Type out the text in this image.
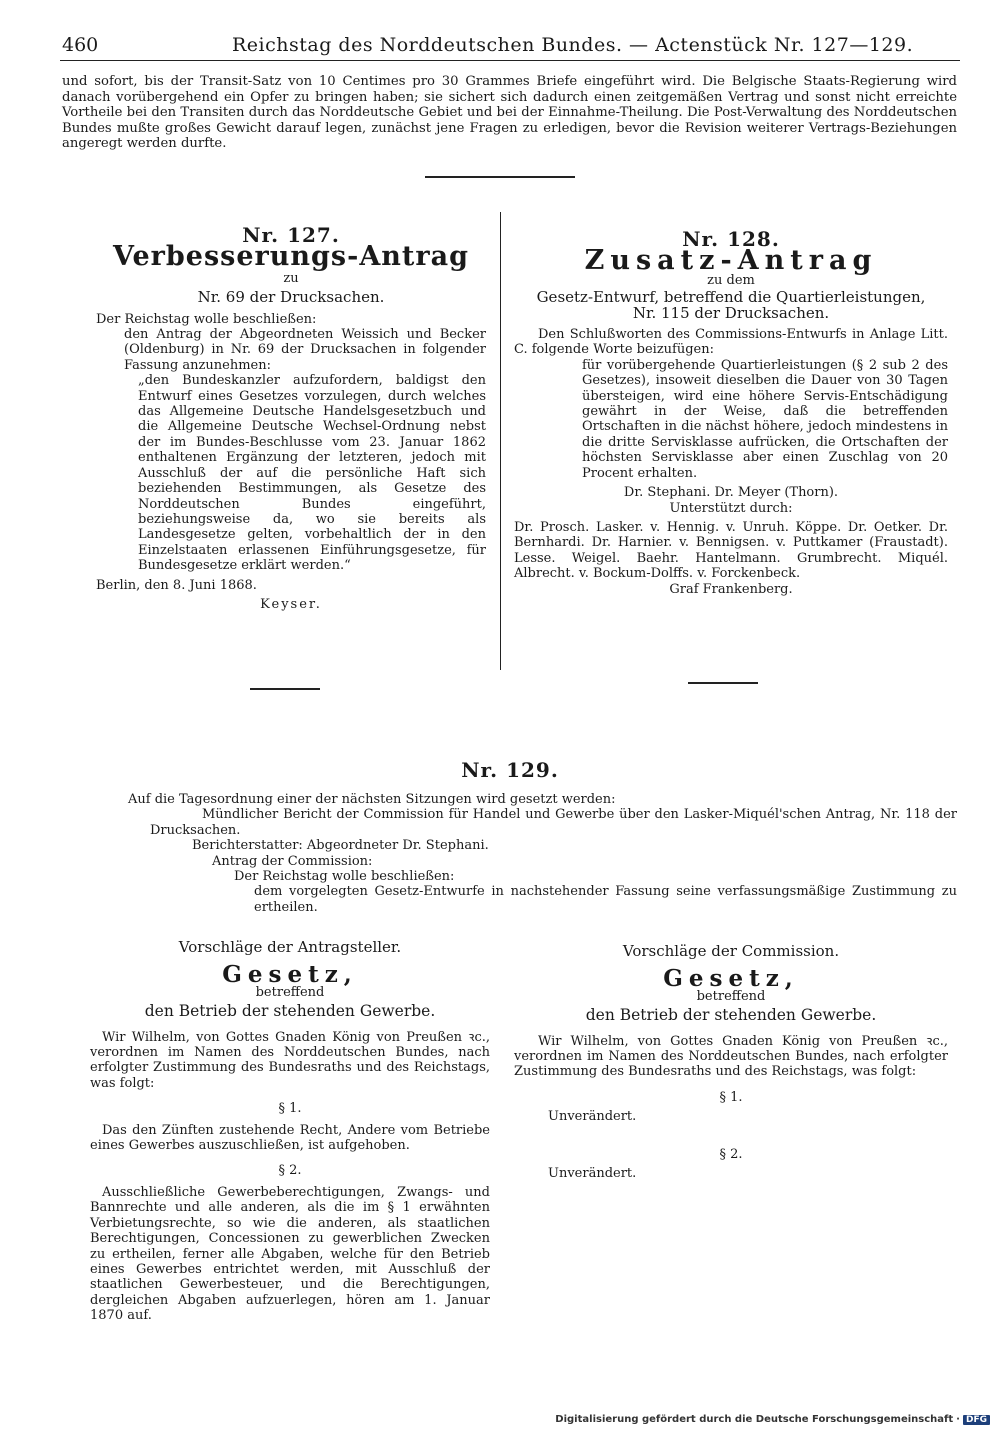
460	Reichstag des Norddeutschen Bundes. — Actenstück Nr. 127—129.

und sofort, bis der Transit-Satz von 10 Centimes pro 30 Grammes Briefe eingeführt wird. Die Belgische Staats-Regierung wird danach vorübergehend ein Opfer zu bringen haben; sie sichert sich dadurch einen zeitgemäßen Vertrag und sonst nicht erreichte Vortheile bei den Transiten durch das Norddeutsche Gebiet und bei der Einnahme-Theilung. Die Post-Verwaltung des Norddeutschen Bundes mußte großes Gewicht darauf legen, zunächst jene Fragen zu erledigen, bevor die Revision weiterer Vertrags-Beziehungen angeregt werden durfte.

Nr. 127.
Verbesserungs-Antrag
zu
Nr. 69 der Drucksachen.

Der Reichstag wolle beschließen:

den Antrag der Abgeordneten Weissich und Becker (Oldenburg) in Nr. 69 der Drucksachen in folgender Fassung anzunehmen:

„den Bundeskanzler aufzufordern, baldigst den Entwurf eines Gesetzes vorzulegen, durch welches das Allgemeine Deutsche Handelsgesetzbuch und die Allgemeine Deutsche Wechsel-Ordnung nebst der im Bundes-Beschlusse vom 23. Januar 1862 enthaltenen Ergänzung der letzteren, jedoch mit Ausschluß der auf die persönliche Haft sich beziehenden Bestimmungen, als Gesetze des Norddeutschen Bundes eingeführt, beziehungsweise da, wo sie bereits als Landesgesetze gelten, vorbehaltlich der in den Einzelstaaten erlassenen Einführungsgesetze, für Bundesgesetze erklärt werden.“

Berlin, den 8. Juni 1868.

Keyser.

Nr. 128.
Zusatz-Antrag
zu dem
Gesetz-Entwurf, betreffend die Quartierleistungen,
Nr. 115 der Drucksachen.

Den Schlußworten des Commissions-Entwurfs in Anlage Litt. C. folgende Worte beizufügen:

für vorübergehende Quartierleistungen (§ 2 sub 2 des Gesetzes), insoweit dieselben die Dauer von 30 Tagen übersteigen, wird eine höhere Servis-Entschädigung gewährt in der Weise, daß die betreffenden Ortschaften in die nächst höhere, jedoch mindestens in die dritte Servisklasse aufrücken, die Ortschaften der höchsten Servisklasse aber einen Zuschlag von 20 Procent erhalten.

Dr. Stephani. Dr. Meyer (Thorn).

Unterstützt durch:

Dr. Prosch. Lasker. v. Hennig. v. Unruh. Köppe. Dr. Oetker. Dr. Bernhardi. Dr. Harnier. v. Bennigsen. v. Puttkamer (Fraustadt). Lesse. Weigel. Baehr. Hantelmann. Grumbrecht. Miquél. Albrecht. v. Bockum-Dolffs. v. Forckenbeck.

Graf Frankenberg.

Nr. 129.

Auf die Tagesordnung einer der nächsten Sitzungen wird gesetzt werden:

Mündlicher Bericht der Commission für Handel und Gewerbe über den Lasker-Miquél'schen Antrag, Nr. 118 der Drucksachen.

Berichterstatter: Abgeordneter Dr. Stephani.

Antrag der Commission:

Der Reichstag wolle beschließen:

dem vorgelegten Gesetz-Entwurfe in nachstehender Fassung seine verfassungsmäßige Zustimmung zu ertheilen.

Vorschläge der Antragsteller.
Gesetz,
betreffend
den Betrieb der stehenden Gewerbe.

Wir Wilhelm, von Gottes Gnaden König von Preußen ꝛc., verordnen im Namen des Norddeutschen Bundes, nach erfolgter Zustimmung des Bundesraths und des Reichstags, was folgt:

§ 1.

Das den Zünften zustehende Recht, Andere vom Betriebe eines Gewerbes auszuschließen, ist aufgehoben.

§ 2.

Ausschließliche Gewerbeberechtigungen, Zwangs- und Bannrechte und alle anderen, als die im § 1 erwähnten Verbietungsrechte, so wie die anderen, als staatlichen Berechtigungen, Concessionen zu gewerblichen Zwecken zu ertheilen, ferner alle Abgaben, welche für den Betrieb eines Gewerbes entrichtet werden, mit Ausschluß der staatlichen Gewerbesteuer, und die Berechtigungen, dergleichen Abgaben aufzuerlegen, hören am 1. Januar 1870 auf.

Vorschläge der Commission.
Gesetz,
betreffend
den Betrieb der stehenden Gewerbe.

Wir Wilhelm, von Gottes Gnaden König von Preußen ꝛc., verordnen im Namen des Norddeutschen Bundes, nach erfolgter Zustimmung des Bundesraths und des Reichstags, was folgt:

§ 1.

Unverändert.

§ 2.

Unverändert.

Digitalisierung gefördert durch die Deutsche Forschungsgemeinschaft · DFG
